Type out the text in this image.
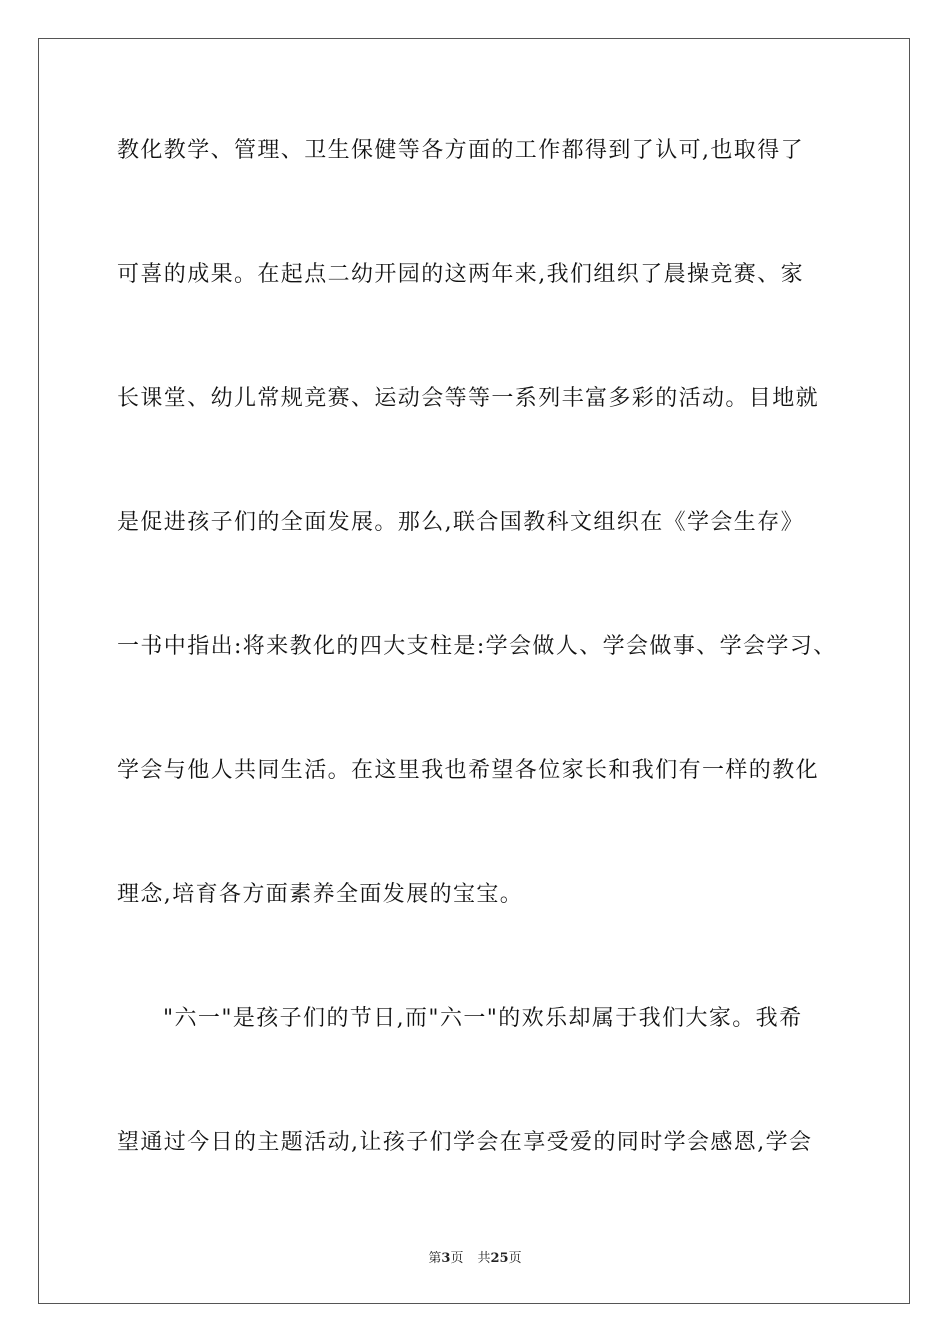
教化教学、管理、卫生保健等各方面的工作都得到了认可,也取得了
可喜的成果。在起点二幼开园的这两年来,我们组织了晨操竞赛、家
长课堂、幼儿常规竞赛、运动会等等一系列丰富多彩的活动。目地就
是促进孩子们的全面发展。那么,联合国教科文组织在《学会生存》
一书中指出:将来教化的四大支柱是:学会做人、学会做事、学会学习、
学会与他人共同生活。在这里我也希望各位家长和我们有一样的教化
理念,培育各方面素养全面发展的宝宝。
"六一"是孩子们的节日,而"六一"的欢乐却属于我们大家。我希
望通过今日的主题活动,让孩子们学会在享受爱的同时学会感恩,学会
第3页 共25页
